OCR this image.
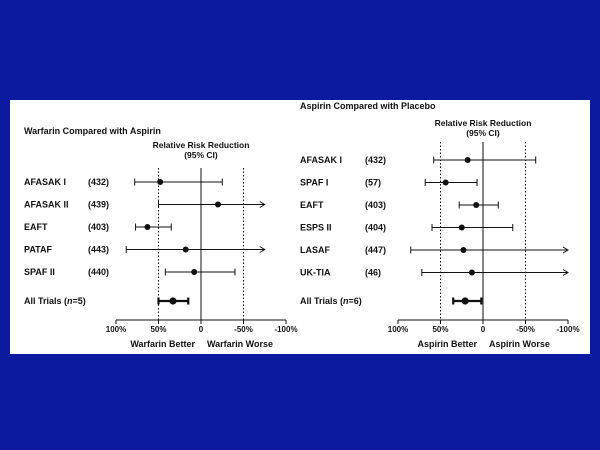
Warfarin Compared with Aspirin
Relative Risk Reduction
(95% CI)
100%	50%	0	-50%	-100%
Warfarin Better Warfarin Worse
AFASAK I (432)
AFASAK II (439)
EAFT	(403)
PATAF	(443)
SPAF II	(440)
All Trials (n=5)
Aspirin Compared with Placebo
Relative Risk Reduction
(95% CI)
100%	50%	0	-50%	-100%
Aspirin Better Aspirin Worse
AFASAK I	(432)
SPAF I	(57)
EAFT	(403)
ESPS II	(404)
LASAF	(447)
UK-TIA	(46)
All Trials (n=6)
